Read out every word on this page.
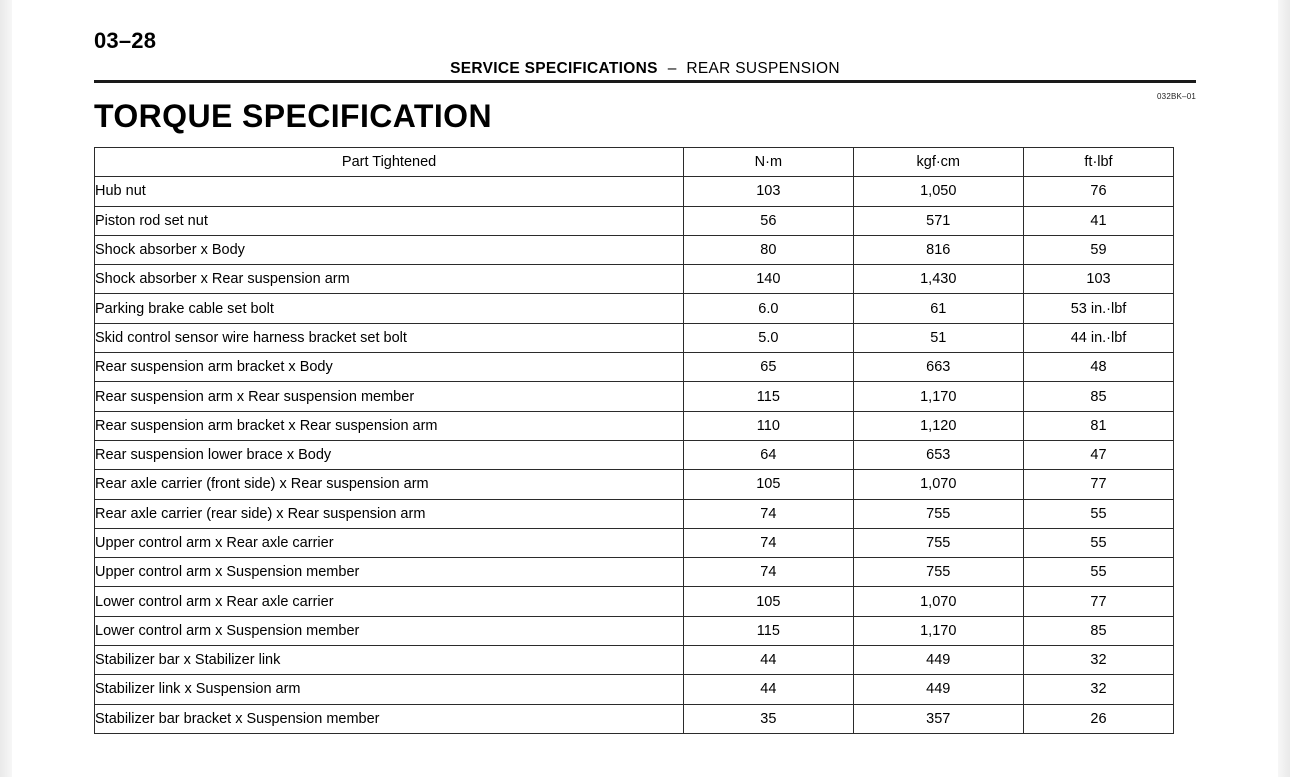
03–28
SERVICE SPECIFICATIONS – REAR SUSPENSION
TORQUE SPECIFICATION
032BK–01
Part Tightened	N·m	kgf·cm	ft·lbf
Hub nut	103	1,050	76
Piston rod set nut	56	571	41
Shock absorber x Body	80	816	59
Shock absorber x Rear suspension arm	140	1,430	103
Parking brake cable set bolt	6.0	61	53 in.·lbf
Skid control sensor wire harness bracket set bolt	5.0	51	44 in.·lbf
Rear suspension arm bracket x Body	65	663	48
Rear suspension arm x Rear suspension member	115	1,170	85
Rear suspension arm bracket x Rear suspension arm	110	1,120	81
Rear suspension lower brace x Body	64	653	47
Rear axle carrier (front side) x Rear suspension arm	105	1,070	77
Rear axle carrier (rear side) x Rear suspension arm	74	755	55
Upper control arm x Rear axle carrier	74	755	55
Upper control arm x Suspension member	74	755	55
Lower control arm x Rear axle carrier	105	1,070	77
Lower control arm x Suspension member	115	1,170	85
Stabilizer bar x Stabilizer link	44	449	32
Stabilizer link x Suspension arm	44	449	32
Stabilizer bar bracket x Suspension member	35	357	26
